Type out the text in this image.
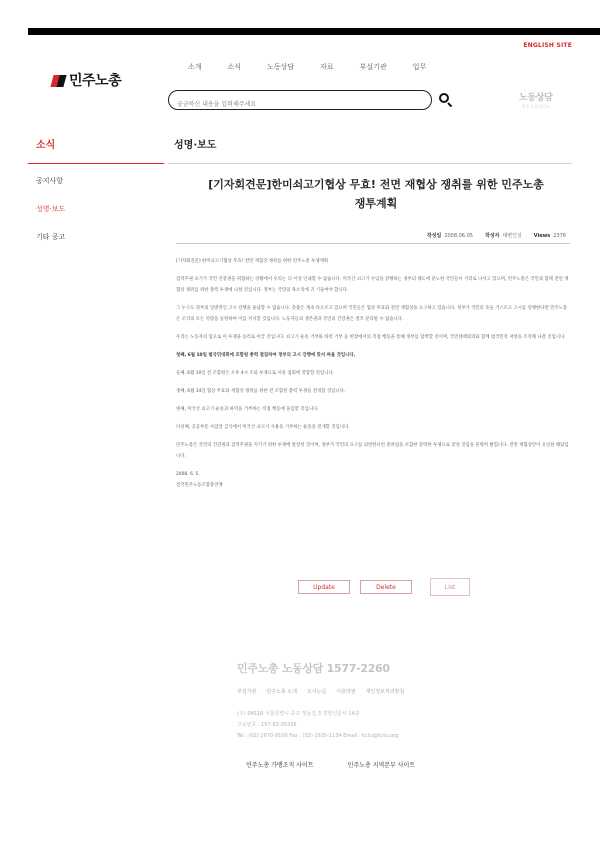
ENGLISH SITE
민주노총
소개	소식	노동상담	자료	부설기관	입무
궁금하신 내용을 입력해주세요
노동상담
민주 노동상담소
소식
공지사항
성명·보도
기타 공고
성명·보도
[기자회견문]한미쇠고기협상 무효! 전면 재협상 쟁취를 위한 민주노총
쟁투계획
작성일 2008.06.05 작성자 대변인실 Views 2376

[기자회견문] 한미쇠고기협상 무효! 전면 재협상 쟁취를 위한 민주노총 투쟁계획

검역주권 포기가 국민 건강권을 위협하는 상황에서 우리는 더 이상 인내할 수 없습니다. 미국산 쇠고기 수입을 강행하는 정부의 태도에 분노한 국민들이 거리로 나서고 있으며, 민주노총은 국민과 함께 전면 재협상 쟁취를 위한 총력 투쟁에 나설 것입니다. 정부는 국민의 목소리에 귀 기울여야 합니다.

그 누구도 정부의 일방적인 고시 강행을 용납할 수 없습니다. 촛불은 계속 타오르고 있으며 국민들은 협상 무효와 전면 재협상을 요구하고 있습니다. 정부가 국민의 뜻을 거스르고 고시를 강행한다면 민주노총은 조직의 모든 역량을 동원하여 이를 저지할 것입니다. 노동자들의 생존권과 국민의 건강권은 결코 분리될 수 없습니다.

우리는 노동자의 힘으로 이 투쟁을 승리로 이끌 것입니다. 쇠고기 운송 거부와 하역 거부 등 현장에서의 직접 행동을 통해 정부를 압박할 것이며, 국민대책회의와 함께 범국민적 저항을 조직해 나갈 것입니다.

첫째, 6월 10일 범국민대회에 조합원 총력 결집하여 정부의 고시 강행에 맞서 싸울 것입니다.

둘째, 6월 10일 전 조합원은 오후 4시 조퇴 투쟁으로 서울 집회에 결합할 것입니다.

셋째, 6월 14일 협상 무효와 재협상 쟁취를 위한 전 조합원 총력 투쟁을 전개할 것입니다.

넷째, 미국산 쇠고기 운송과 하역을 거부하는 직접 행동에 돌입할 것입니다.

다섯째, 공공부문 사업장 급식에서 미국산 쇠고기 사용을 거부하는 운동을 전개할 것입니다.

민주노총은 국민의 건강권과 검역주권을 지키기 위한 투쟁에 앞장설 것이며, 정부가 국민의 요구를 외면한다면 총파업을 포함한 강력한 투쟁으로 맞설 것임을 분명히 밝힙니다. 전면 재협상만이 유일한 해답입니다.

2008. 6. 5.

전국민주노동조합총연맹

Update	Delete	List
민주노총 노동상담 1577-2260
부설기관 민주노총 소개 오시는길 이용약관 개인정보처리방침
(우) 04518 서울특별시 중구 정동길 3 경향신문사 14층
고유번호 : 107-82-05336
Tel : (02) 2670-9100 Fax : (02) 2635-1134 Email : kctu@kctu.org
민주노총 가맹조직 사이트	민주노총 지역본부 사이트
